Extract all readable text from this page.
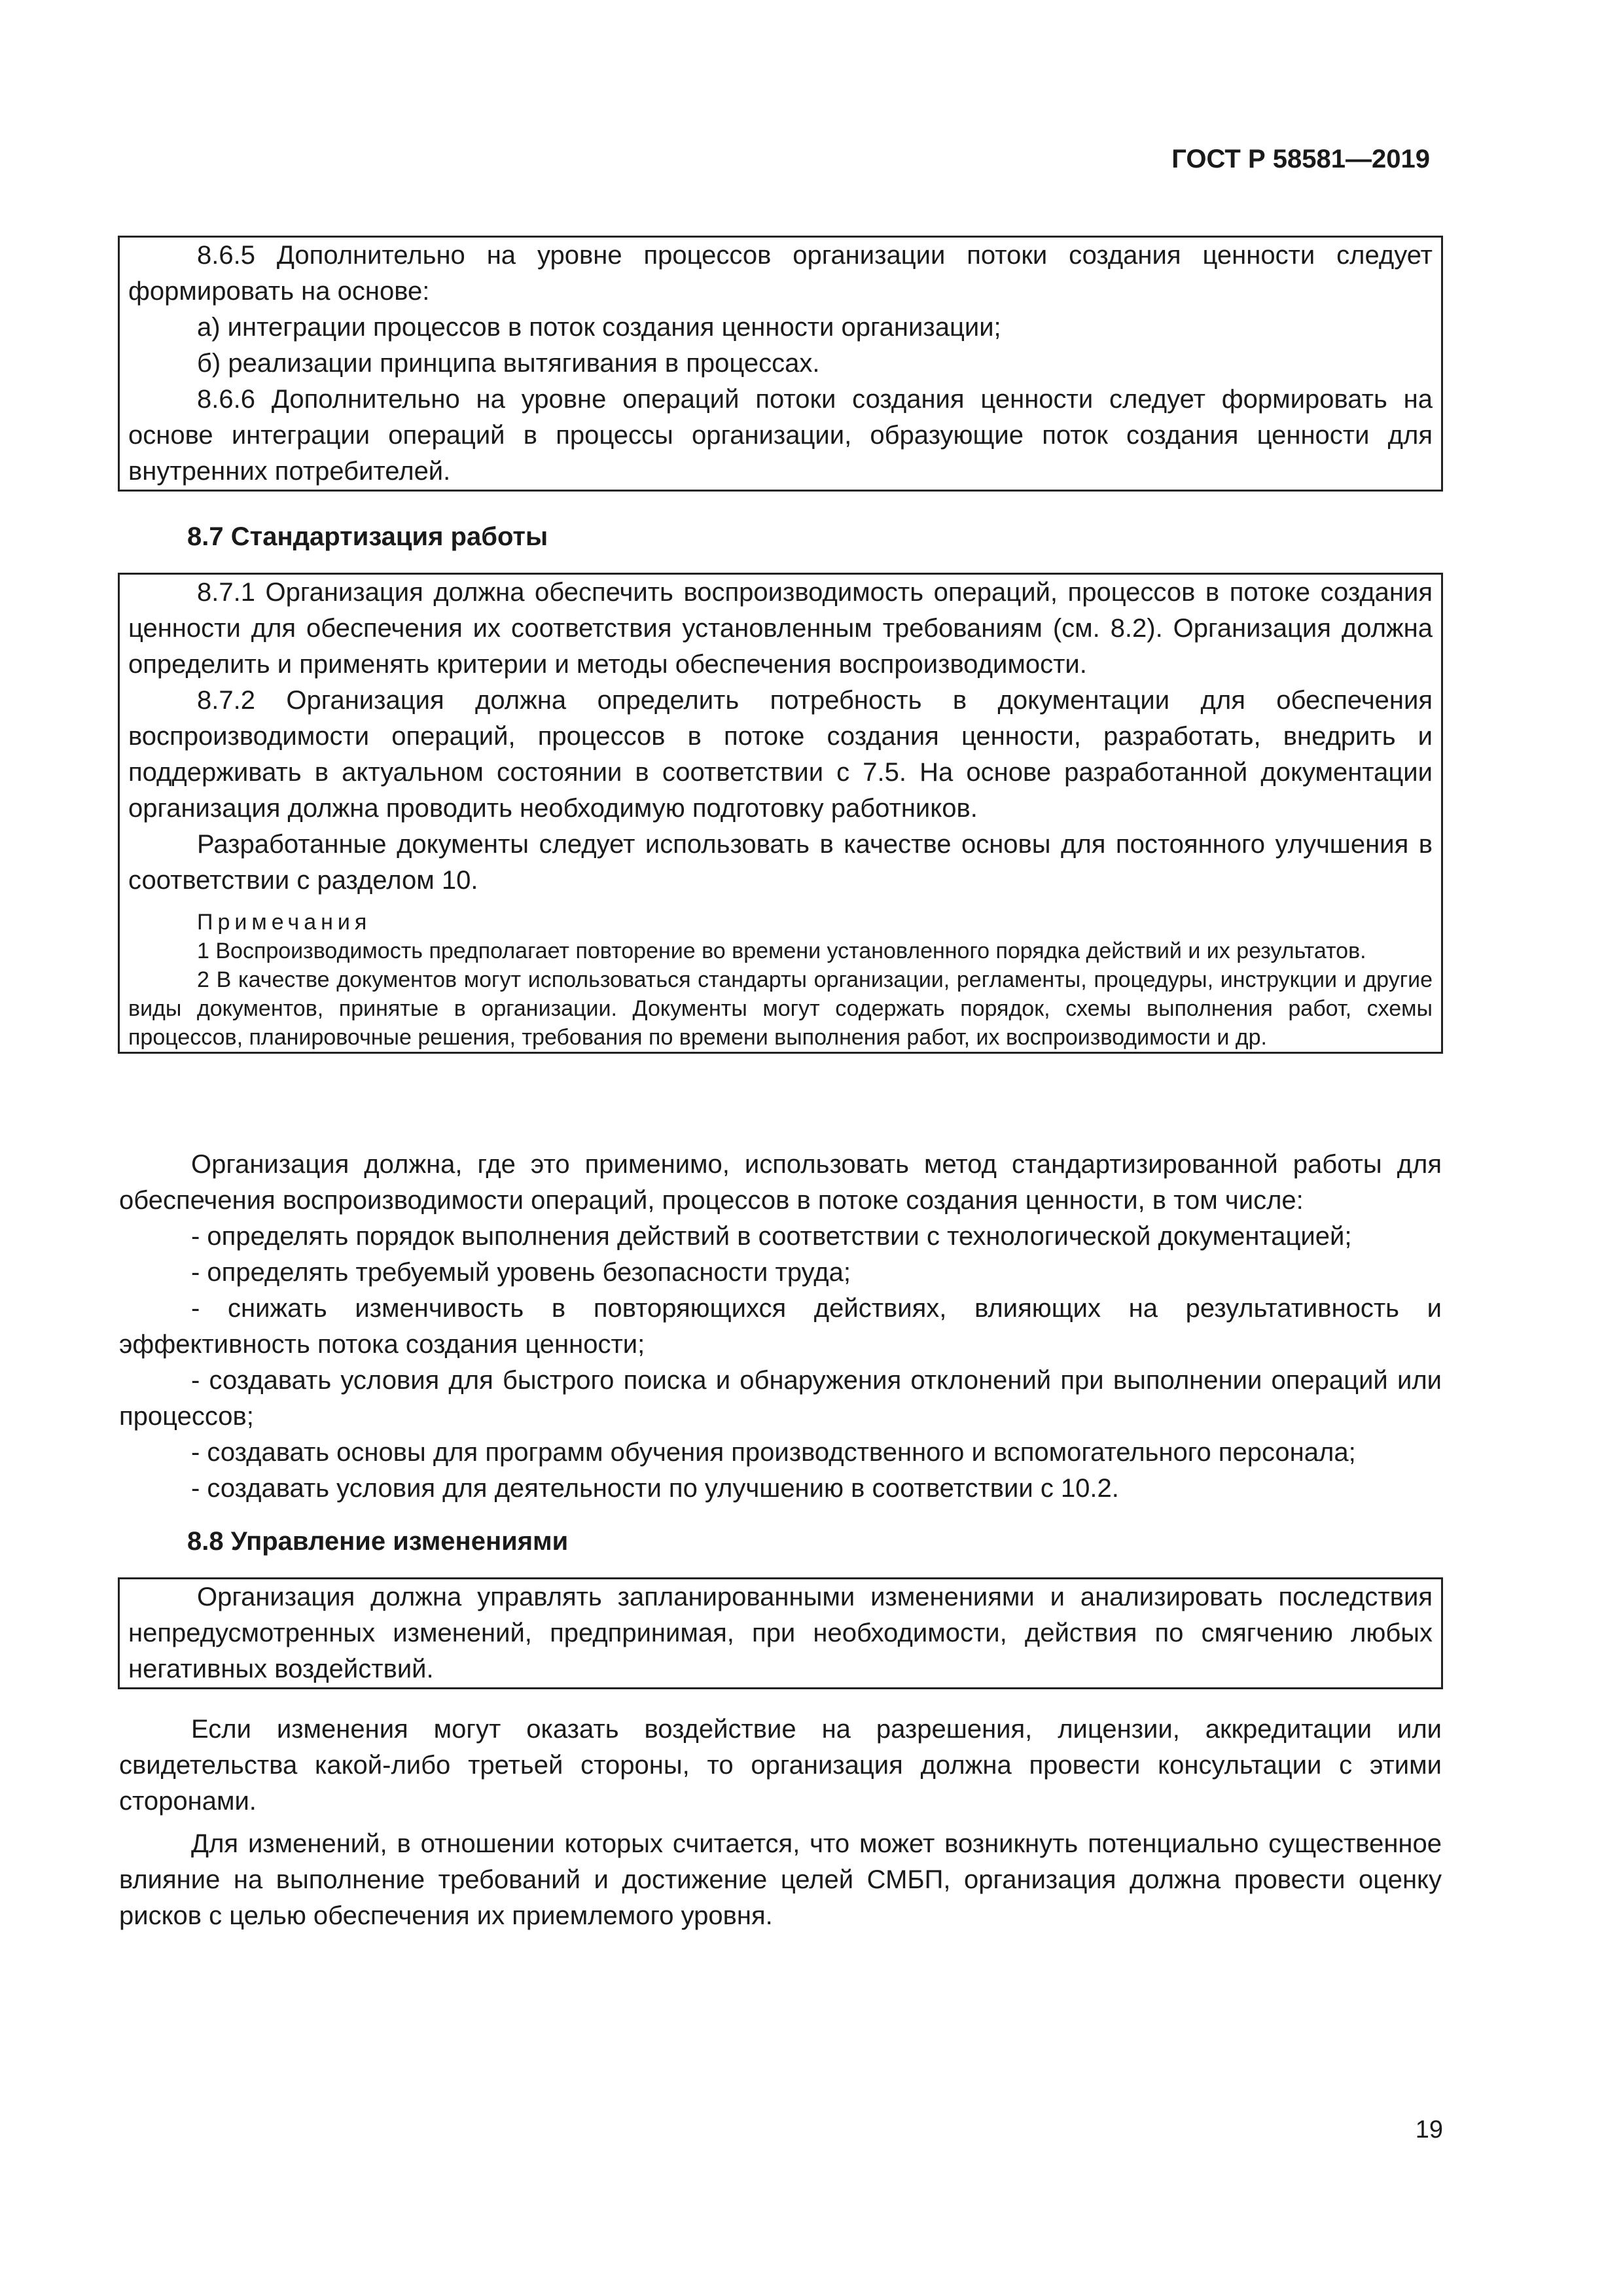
ГОСТ Р 58581—2019

8.6.5 Дополнительно на уровне процессов организации потоки создания ценности следует формировать на основе:

а) интеграции процессов в поток создания ценности организации;

б) реализации принципа вытягивания в процессах.

8.6.6 Дополнительно на уровне операций потоки создания ценности следует формировать на основе интеграции операций в процессы организации, образующие поток создания ценности для внутренних потребителей.

8.7 Стандартизация работы

8.7.1 Организация должна обеспечить воспроизводимость операций, процессов в потоке создания ценности для обеспечения их соответствия установленным требованиям (см. 8.2). Организация должна определить и применять критерии и методы обеспечения воспроизводимости.

8.7.2 Организация должна определить потребность в документации для обеспечения воспроизводимости операций, процессов в потоке создания ценности, разработать, внедрить и поддерживать в актуальном состоянии в соответствии с 7.5. На основе разработанной документации организация должна проводить необходимую подготовку работников.

Разработанные документы следует использовать в качестве основы для постоянного улучшения в соответствии с разделом 10.

Примечания

1 Воспроизводимость предполагает повторение во времени установленного порядка действий и их результатов.

2 В качестве документов могут использоваться стандарты организации, регламенты, процедуры, инструкции и другие виды документов, принятые в организации. Документы могут содержать порядок, схемы выполнения работ, схемы процессов, планировочные решения, требования по времени выполнения работ, их воспроизводимости и др.

Организация должна, где это применимо, использовать метод стандартизированной работы для обеспечения воспроизводимости операций, процессов в потоке создания ценности, в том числе:

- определять порядок выполнения действий в соответствии с технологической документацией;

- определять требуемый уровень безопасности труда;

- снижать изменчивость в повторяющихся действиях, влияющих на результативность и эффективность потока создания ценности;

- создавать условия для быстрого поиска и обнаружения отклонений при выполнении операций или процессов;

- создавать основы для программ обучения производственного и вспомогательного персонала;

- создавать условия для деятельности по улучшению в соответствии с 10.2.

8.8 Управление изменениями

Организация должна управлять запланированными изменениями и анализировать последствия непредусмотренных изменений, предпринимая, при необходимости, действия по смягчению любых негативных воздействий.

Если изменения могут оказать воздействие на разрешения, лицензии, аккредитации или свидетельства какой-либо третьей стороны, то организация должна провести консультации с этими сторонами.

Для изменений, в отношении которых считается, что может возникнуть потенциально существенное влияние на выполнение требований и достижение целей СМБП, организация должна провести оценку рисков с целью обеспечения их приемлемого уровня.

19
